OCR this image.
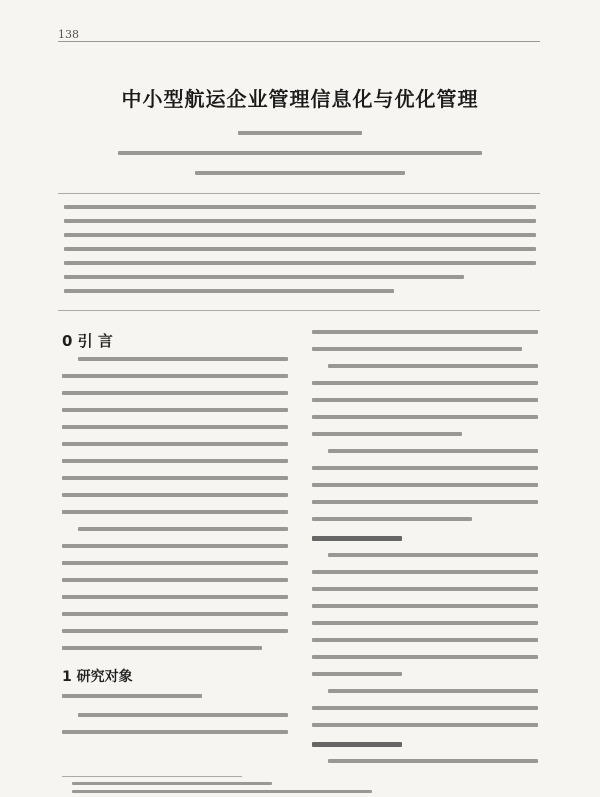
138
中小型航运企业管理信息化与优化管理
0 引 言
1 研究对象
